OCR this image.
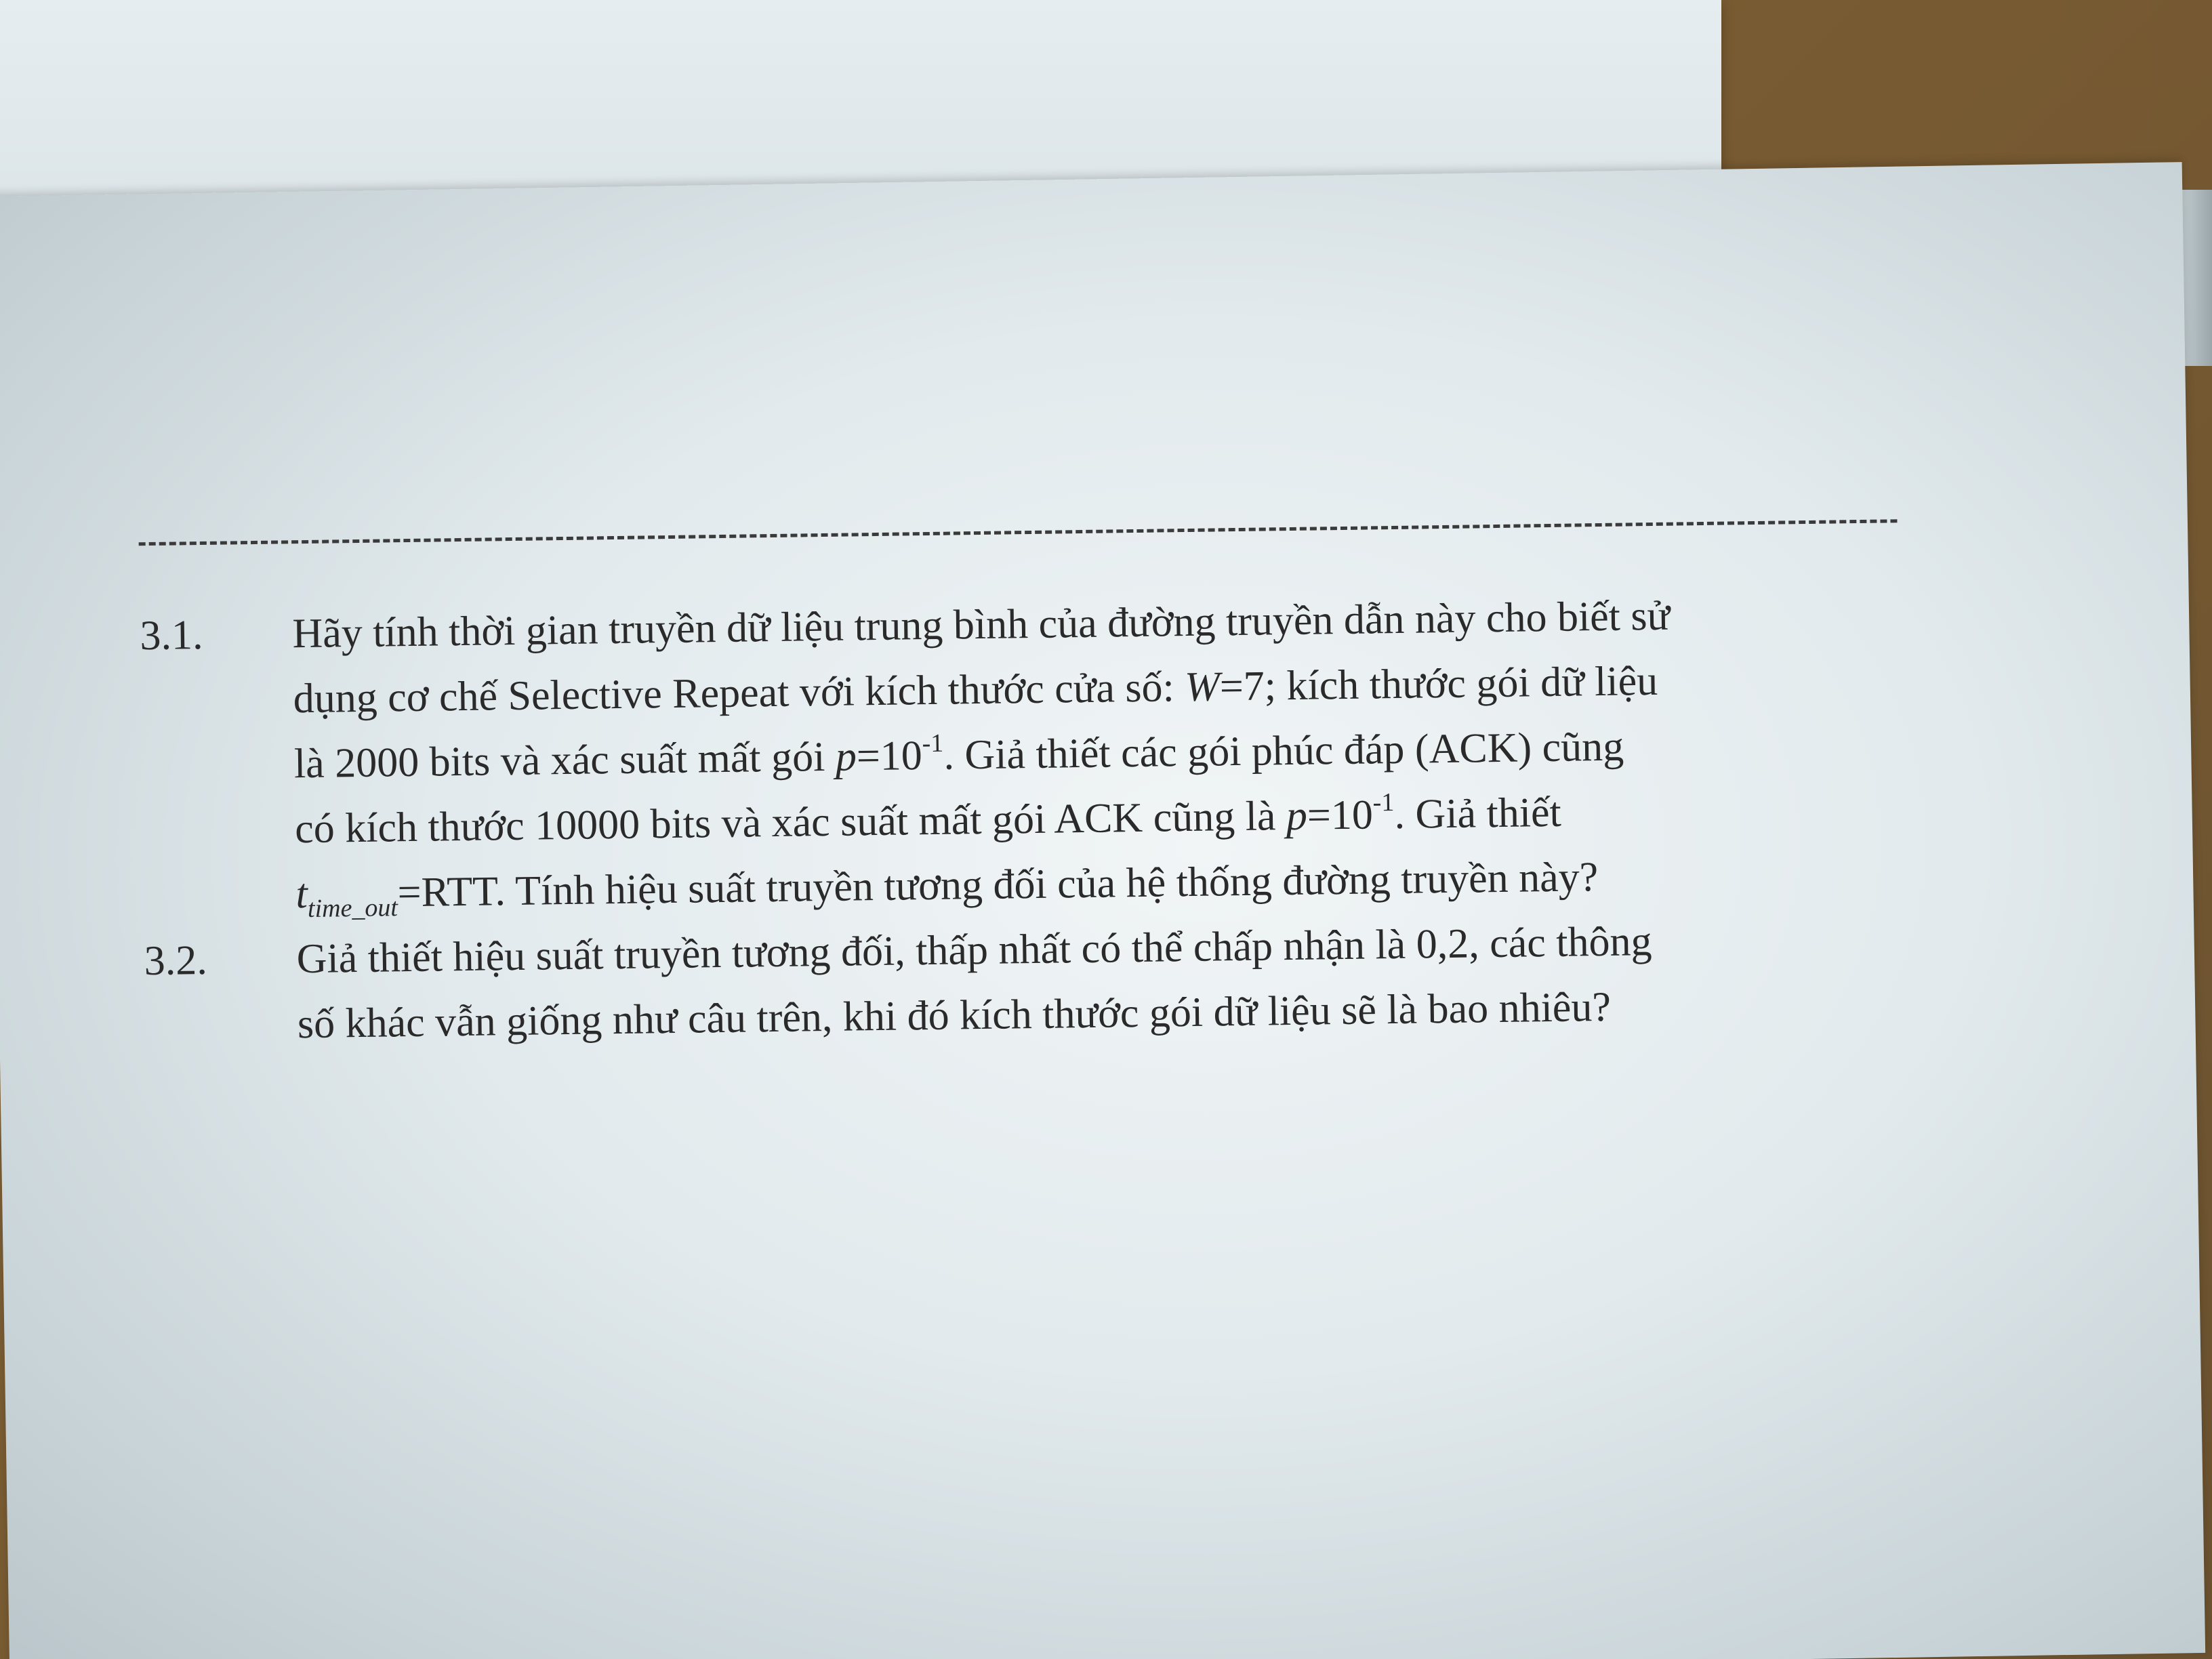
3.1.	Hãy tính thời gian truyền dữ liệu trung bình của đường truyền dẫn này cho biết sử
dụng cơ chế Selective Repeat với kích thước cửa số: W=7; kích thước gói dữ liệu
là 2000 bits và xác suất mất gói $p=10^{-1}$. Giả thiết các gói phúc đáp (ACK) cũng
có kích thước 10000 bits và xác suất mất gói ACK cũng là $p=10^{-1}$. Giả thiết
$t_{time\_out}=RTT$. Tính hiệu suất truyền tương đối của hệ thống đường truyền này?
3.2.	Giả thiết hiệu suất truyền tương đối, thấp nhất có thể chấp nhận là 0,2, các thông
số khác vẫn giống như câu trên, khi đó kích thước gói dữ liệu sẽ là bao nhiêu?
